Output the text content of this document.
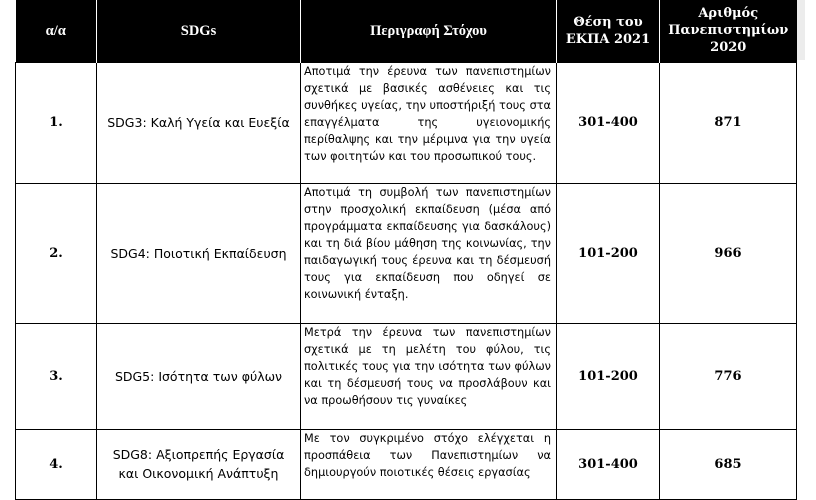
α/α	SDGs	Περιγραφή Στόχου	Θέση του ΕΚΠΑ 2021	Αριθμός Πανεπιστημίων 2020
1.	SDG3: Καλή Υγεία και Ευεξία	Αποτιμά την έρευνα των πανεπιστημίων σχετικά με βασικές ασθένειες και τις συνθήκες υγείας, την υποστήριξή τους στα επαγγέλματα της υγειονομικής περίθαλψης και την μέριμνα για την υγεία των φοιτητών και του προσωπικού τους.	301-400	871
2.	SDG4: Ποιοτική Εκπαίδευση	Αποτιμά τη συμβολή των πανεπιστημίων στην προσχολική εκπαίδευση (μέσα από προγράμματα εκπαίδευσης για δασκάλους) και τη διά βίου μάθηση της κοινωνίας, την παιδαγωγική τους έρευνα και τη δέσμευσή τους για εκπαίδευση που οδηγεί σε κοινωνική ένταξη.	101-200	966
3.	SDG5: Ισότητα των φύλων	Μετρά την έρευνα των πανεπιστημίων σχετικά με τη μελέτη του φύλου, τις πολιτικές τους για την ισότητα των φύλων και τη δέσμευσή τους να προσλάβουν και να προωθήσουν τις γυναίκες	101-200	776
4.	SDG8: Αξιοπρεπής Εργασία και Οικονομική Ανάπτυξη	Με τον συγκριμένο στόχο ελέγχεται η προσπάθεια των Πανεπιστημίων να δημιουργούν ποιοτικές θέσεις εργασίας	301-400	685
